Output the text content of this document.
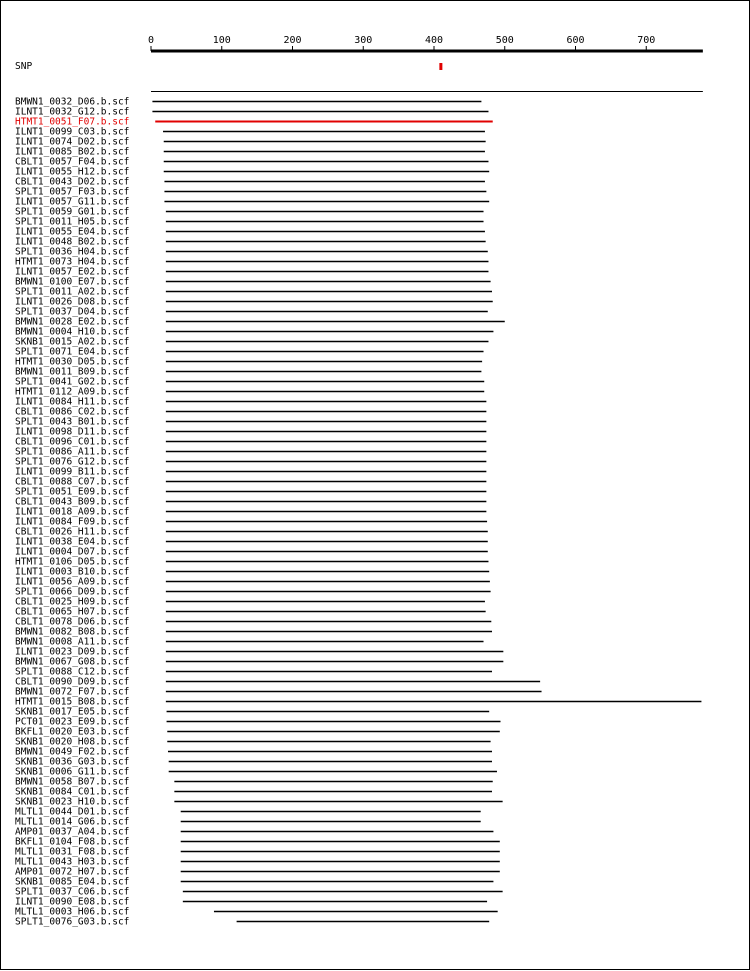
0	100	200	300	400	500	600	700
SNP
BMWN1_0032_D06.b.scf
ILNT1_0032_G12.b.scf
HTMT1_0051_F07.b.scf
ILNT1_0099_C03.b.scf
ILNT1_0074_D02.b.scf
ILNT1_0085_B02.b.scf
CBLT1_0057_F04.b.scf
ILNT1_0055_H12.b.scf
CBLT1_0043_D02.b.scf
SPLT1_0057_F03.b.scf
ILNT1_0057_G11.b.scf
SPLT1_0059_G01.b.scf
SPLT1_0011_H05.b.scf
ILNT1_0055_E04.b.scf
ILNT1_0048_B02.b.scf
SPLT1_0036_H04.b.scf
HTMT1_0073_H04.b.scf
ILNT1_0057_E02.b.scf
BMWN1_0100_E07.b.scf
SPLT1_0011_A02.b.scf
ILNT1_0026_D08.b.scf
SPLT1_0037_D04.b.scf
BMWN1_0028_E02.b.scf
BMWN1_0004_H10.b.scf
SKNB1_0015_A02.b.scf
SPLT1_0071_E04.b.scf
HTMT1_0030_D05.b.scf
BMWN1_0011_B09.b.scf
SPLT1_0041_G02.b.scf
HTMT1_0112_A09.b.scf
ILNT1_0084_H11.b.scf
CBLT1_0086_C02.b.scf
SPLT1_0043_B01.b.scf
ILNT1_0098_D11.b.scf
CBLT1_0096_C01.b.scf
SPLT1_0086_A11.b.scf
SPLT1_0076_G12.b.scf
ILNT1_0099_B11.b.scf
CBLT1_0088_C07.b.scf
SPLT1_0051_E09.b.scf
CBLT1_0043_B09.b.scf
ILNT1_0018_A09.b.scf
ILNT1_0084_F09.b.scf
CBLT1_0026_H11.b.scf
ILNT1_0038_E04.b.scf
ILNT1_0004_D07.b.scf
HTMT1_0106_D05.b.scf
ILNT1_0003_B10.b.scf
ILNT1_0056_A09.b.scf
SPLT1_0066_D09.b.scf
CBLT1_0025_H09.b.scf
CBLT1_0065_H07.b.scf
CBLT1_0078_D06.b.scf
BMWN1_0082_B08.b.scf
BMWN1_0008_A11.b.scf
ILNT1_0023_D09.b.scf
BMWN1_0067_G08.b.scf
SPLT1_0088_C12.b.scf
CBLT1_0090_D09.b.scf
BMWN1_0072_F07.b.scf
HTMT1_0015_B08.b.scf
SKNB1_0017_E05.b.scf
PCT01_0023_E09.b.scf
BKFL1_0020_E03.b.scf
SKNB1_0020_H08.b.scf
BMWN1_0049_F02.b.scf
SKNB1_0036_G03.b.scf
SKNB1_0006_G11.b.scf
BMWN1_0058_B07.b.scf
SKNB1_0084_C01.b.scf
SKNB1_0023_H10.b.scf
MLTL1_0044_D01.b.scf
MLTL1_0014_G06.b.scf
AMP01_0037_A04.b.scf
BKFL1_0104_F08.b.scf
MLTL1_0031_F08.b.scf
MLTL1_0043_H03.b.scf
AMP01_0072_H07.b.scf
SKNB1_0085_E04.b.scf
SPLT1_0037_C06.b.scf
ILNT1_0090_E08.b.scf
MLTL1_0003_H06.b.scf
SPLT1_0076_G03.b.scf
